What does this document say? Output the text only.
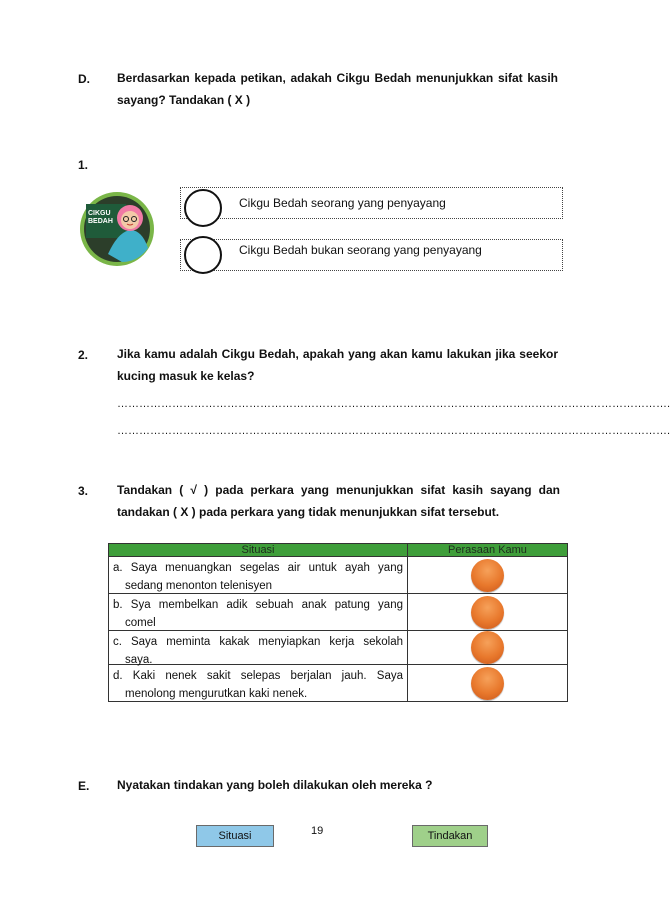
D. Berdasarkan kepada petikan, adakah Cikgu Bedah menunjukkan sifat kasih
sayang? Tandakan ( X )
1.
CIKGU
BEDAH
Cikgu Bedah seorang yang penyayang
Cikgu Bedah bukan seorang yang penyayang
2. Jika kamu adalah Cikgu Bedah, apakah yang akan kamu lakukan jika seekor
kucing masuk ke kelas?
…………………………………………………………………………………………………………………………………….
…………………………………………………………………………………………………………………………………….
3. Tandakan ( √ ) pada perkara yang menunjukkan sifat kasih sayang dan
tandakan ( X ) pada perkara yang tidak menunjukkan sifat tersebut.
Situasi	Perasaan Kamu

a. Saya menuangkan segelas air untuk ayah yang
sedang menonton telenisyen	

b. Sya membelkan adik sebuah anak patung yang
comel	

c. Saya meminta kakak menyiapkan kerja sekolah
saya.	

d. Kaki nenek sakit selepas berjalan jauh. Saya
menolong mengurutkan kaki nenek.	

E. Nyatakan tindakan yang boleh dilakukan oleh mereka ?
Situasi	19	Tindakan
